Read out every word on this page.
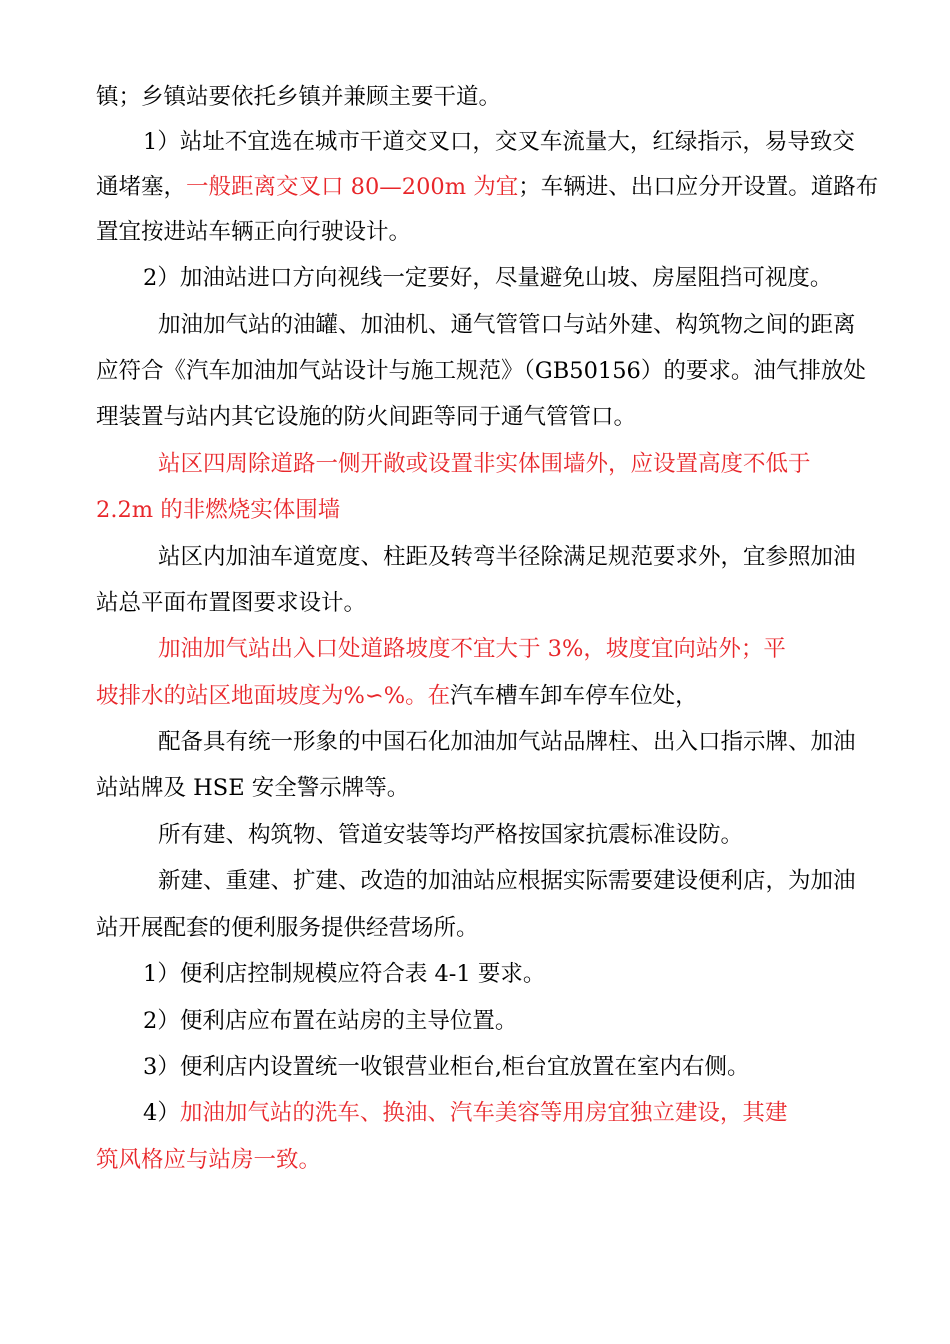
镇；乡镇站要依托乡镇并兼顾主要干道。
1）站址不宜选在城市干道交叉口，交叉车流量大，红绿指示，易导致交
通堵塞，一般距离交叉口 80—200m 为宜；车辆进、出口应分开设置。道路布
置宜按进站车辆正向行驶设计。
2）加油站进口方向视线一定要好，尽量避免山坡、房屋阻挡可视度。
加油加气站的油罐、加油机、通气管管口与站外建、构筑物之间的距离
应符合《汽车加油加气站设计与施工规范》（GB50156）的要求。油气排放处
理装置与站内其它设施的防火间距等同于通气管管口。
站区四周除道路一侧开敞或设置非实体围墙外，应设置高度不低于
2.2m 的非燃烧实体围墙
站区内加油车道宽度、柱距及转弯半径除满足规范要求外，宜参照加油
站总平面布置图要求设计。
加油加气站出入口处道路坡度不宜大于 3%，坡度宜向站外；平
坡排水的站区地面坡度为%∽%。在汽车槽车卸车停车位处，
配备具有统一形象的中国石化加油加气站品牌柱、出入口指示牌、加油
站站牌及 HSE 安全警示牌等。
所有建、构筑物、管道安装等均严格按国家抗震标准设防。
新建、重建、扩建、改造的加油站应根据实际需要建设便利店，为加油
站开展配套的便利服务提供经营场所。
1）便利店控制规模应符合表 4-1 要求。
2）便利店应布置在站房的主导位置。
3）便利店内设置统一收银营业柜台,柜台宜放置在室内右侧。
4）加油加气站的洗车、换油、汽车美容等用房宜独立建设，其建
筑风格应与站房一致。
